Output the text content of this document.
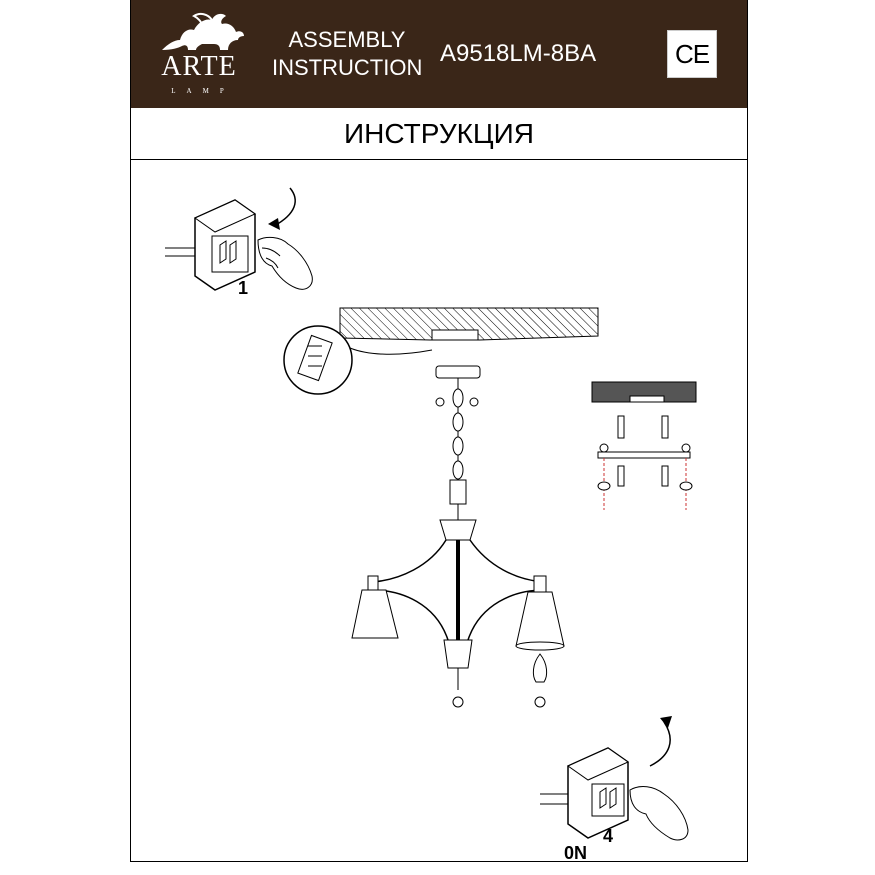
ARTE
LAMP
ASSEMBLY
INSTRUCTION
A9518LM-8BA	CE
ИНСТРУКЦИЯ
1
4
0N
